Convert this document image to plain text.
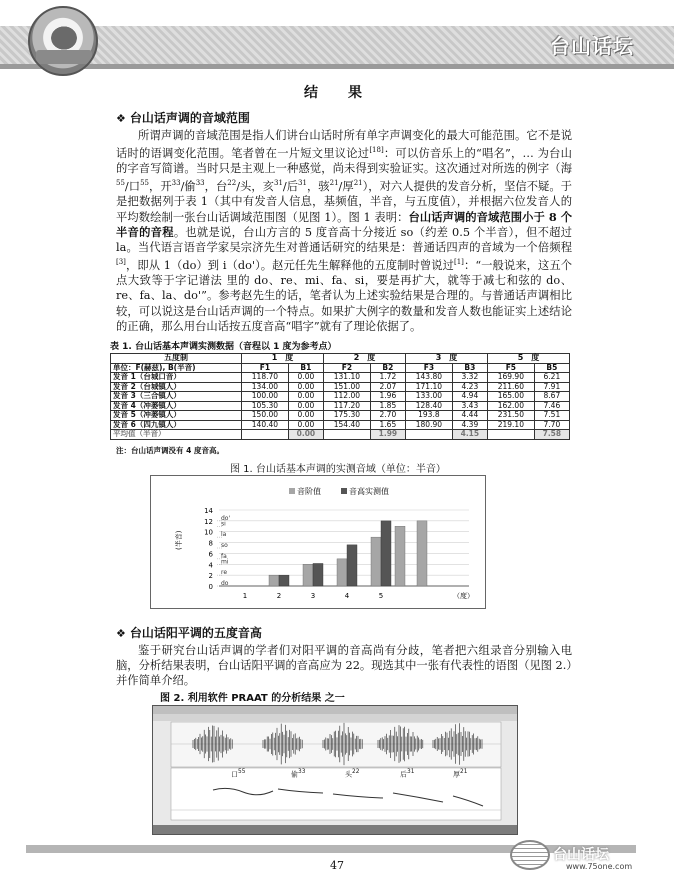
台山话坛
结　果
❖ 台山话声调的音域范围
所谓声调的音域范围是指人们讲台山话时所有单字声调变化的最大可能范围。它不是说话时的语调变化范围。笔者曾在一片短文里议论过[18]：可以仿音乐上的“唱名”，… 为台山的字音写简谱。当时只是主观上一种感觉，尚未得到实验证实。这次通过对所选的例字（海$^{55}$/口$^{55}$，开$^{33}$/偷$^{33}$，台$^{22}$/头，亥$^{31}$/后$^{31}$，骇$^{21}$/厚$^{21}$），对六人提供的发音分析，坚信不疑。于是把数据列于表 1（其中有发音人信息，基频值，半音，与五度值），并根据六位发音人的平均数绘制一张台山话调域范围图（见图 1）。图 1 表明：台山话声调的音域范围小于 8 个半音的音程。也就是说，台山方言的 5 度音高十分接近 so（约差 0.5 个半音），但不超过 la。当代语言语音学家吴宗济先生对普通话研究的结果是：普通话四声的音域为一个倍频程[3]，即从 1（do）到 i（do'）。赵元任先生解释他的五度制时曾说过[1]：“一般说来，这五个点大致等于字记谱法 里的 do、re、mi、fa、si，要是再扩大，就等于减七和弦的 do、re、fa、la、do'”。参考赵先生的话，笔者认为上述实验结果是合理的。与普通话声调相比较，可以说这是台山话声调的一个特点。如果扩大例字的数量和发音人数也能证实上述结论的正确，那么用台山话按五度音高“唱字”就有了理论依据了。
表 1. 台山话基本声调实测数据（音程以 1 度为参考点）
五度制	1　度		2　度		3　度		5　度	
单位：F(赫兹), B(半音)	F1	B1	F2	B2	F3	B3	F5	B5
发音 1（台城口音）	118.70	0.00	131.10	1.72	143.80	3.32	169.90	6.21
发音 2（台城镇人）	134.00	0.00	151.00	2.07	171.10	4.23	211.60	7.91
发音 3（三合镇人）	100.00	0.00	112.00	1.96	133.00	4.94	165.00	8.67
发音 4（冲蒌镇人）	105.30	0.00	117.20	1.85	128.40	3.43	162.00	7.46
发音 5（冲蒌镇人）	150.00	0.00	175.30	2.70	193.8	4.44	231.50	7.51
发音 6（四九镇人）	140.40	0.00	154.40	1.65	180.90	4.39	219.10	7.70
平均值（半音）		0.00		1.99		4.15		7.58
注：台山话声调没有 4 度音高。
图 1. 台山话基本声调的实测音域（单位：半音）
音阶值	音高实测值
0
2
4
6
8
10
12
14
do
re
mi
fa
so
la
si
do'
(半音)
1	2	3	4	5	（度）
❖ 台山话阳平调的五度音高
鉴于研究台山话声调的学者们对阳平调的音高尚有分歧，笔者把六组录音分别输入电脑，分析结果表明，台山话阳平调的音高应为 22。现选其中一张有代表性的语图（见图 2.）并作简单介绍。
图 2. 利用软件 PRAAT 的分析结果 之一
口$^{55}$	偷$^{33}$	头$^{22}$	后$^{31}$	厚$^{21}$
台山话坛
www.75one.com
47
